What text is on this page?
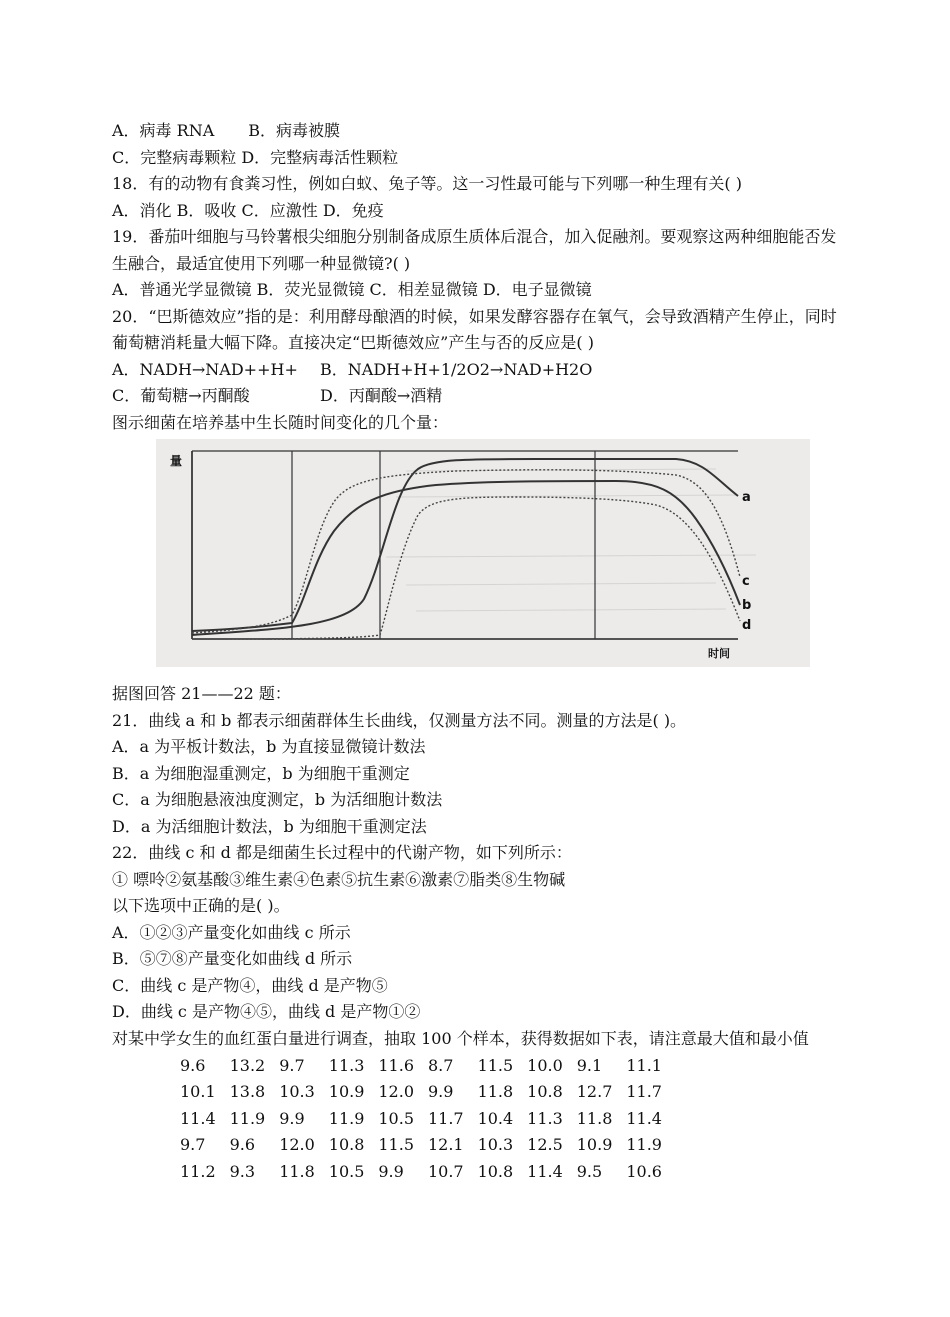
A．病毒 RNA B．病毒被膜
C．完整病毒颗粒 D．完整病毒活性颗粒
18．有的动物有食粪习性，例如白蚁、兔子等。这一习性最可能与下列哪一种生理有关( )
A．消化 B．吸收 C．应激性 D．免疫
19．番茄叶细胞与马铃薯根尖细胞分别制备成原生质体后混合，加入促融剂。要观察这两种细胞能否发生融合，最适宜使用下列哪一种显微镜?( )
A．普通光学显微镜 B．荧光显微镜 C．相差显微镜 D．电子显微镜
20．“巴斯德效应”指的是：利用酵母酿酒的时候，如果发酵容器存在氧气，会导致酒精产生停止，同时葡萄糖消耗量大幅下降。直接决定“巴斯德效应”产生与否的反应是( )
A．NADH→NAD++H+ B．NADH+H+1/2O2→NAD+H2O
C．葡萄糖→丙酮酸	D．丙酮酸→酒精
图示细菌在培养基中生长随时间变化的几个量：
量
时间
a
c
b
d
据图回答 21——22 题：
21．曲线 a 和 b 都表示细菌群体生长曲线，仅测量方法不同。测量的方法是( )。
A．a 为平板计数法，b 为直接显微镜计数法
B．a 为细胞湿重测定，b 为细胞干重测定
C．a 为细胞悬液浊度测定，b 为活细胞计数法
D．a 为活细胞计数法，b 为细胞干重测定法
22．曲线 c 和 d 都是细菌生长过程中的代谢产物，如下列所示：
① 嘌呤②氨基酸③维生素④色素⑤抗生素⑥激素⑦脂类⑧生物碱
以下选项中正确的是( )。
A．①②③产量变化如曲线 c 所示
B．⑤⑦⑧产量变化如曲线 d 所示
C．曲线 c 是产物④，曲线 d 是产物⑤
D．曲线 c 是产物④⑤，曲线 d 是产物①②
对某中学女生的血红蛋白量进行调查，抽取 100 个样本，获得数据如下表，请注意最大值和最小值
9.6	13.2	9.7	11.3	11.6	8.7	11.5	10.0	9.1	11.1
10.1	13.8	10.3	10.9	12.0	9.9	11.8	10.8	12.7	11.7
11.4	11.9	9.9	11.9	10.5	11.7	10.4	11.3	11.8	11.4
9.7	9.6	12.0	10.8	11.5	12.1	10.3	12.5	10.9	11.9
11.2	9.3	11.8	10.5	9.9	10.7	10.8	11.4	9.5	10.6
